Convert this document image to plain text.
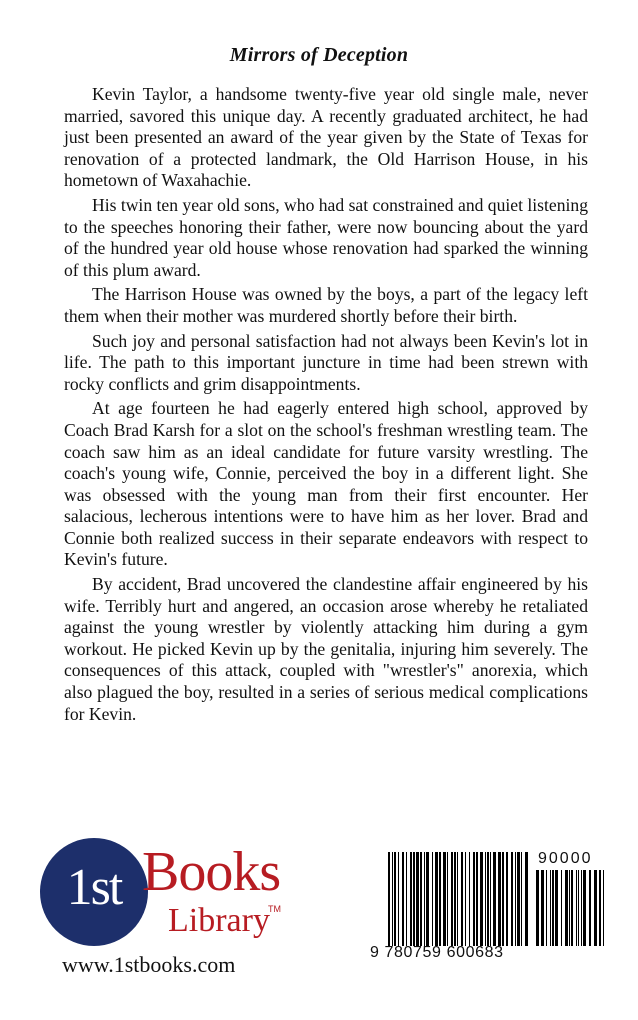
Mirrors of Deception

Kevin Taylor, a handsome twenty-five year old single male, never married, savored this unique day. A recently graduated architect, he had just been presented an award of the year given by the State of Texas for renovation of a protected landmark, the Old Harrison House, in his hometown of Waxahachie.

His twin ten year old sons, who had sat constrained and quiet listening to the speeches honoring their father, were now bouncing about the yard of the hundred year old house whose renovation had sparked the winning of this plum award.

The Harrison House was owned by the boys, a part of the legacy left them when their mother was murdered shortly before their birth.

Such joy and personal satisfaction had not always been Kevin's lot in life. The path to this important juncture in time had been strewn with rocky conflicts and grim disappointments.

At age fourteen he had eagerly entered high school, approved by Coach Brad Karsh for a slot on the school's freshman wrestling team. The coach saw him as an ideal candidate for future varsity wrestling. The coach's young wife, Connie, perceived the boy in a different light. She was obsessed with the young man from their first encounter. Her salacious, lecherous intentions were to have him as her lover. Brad and Connie both realized success in their separate endeavors with respect to Kevin's future.

By accident, Brad uncovered the clandestine affair engineered by his wife. Terribly hurt and angered, an occasion arose whereby he retaliated against the young wrestler by violently attacking him during a gym workout. He picked Kevin up by the genitalia, injuring him severely. The consequences of this attack, coupled with "wrestler's" anorexia, which also plagued the boy, resulted in a series of serious medical complications for Kevin.

1st Books
Library
TM
www.1stbooks.com
90000
9 780759 600683
